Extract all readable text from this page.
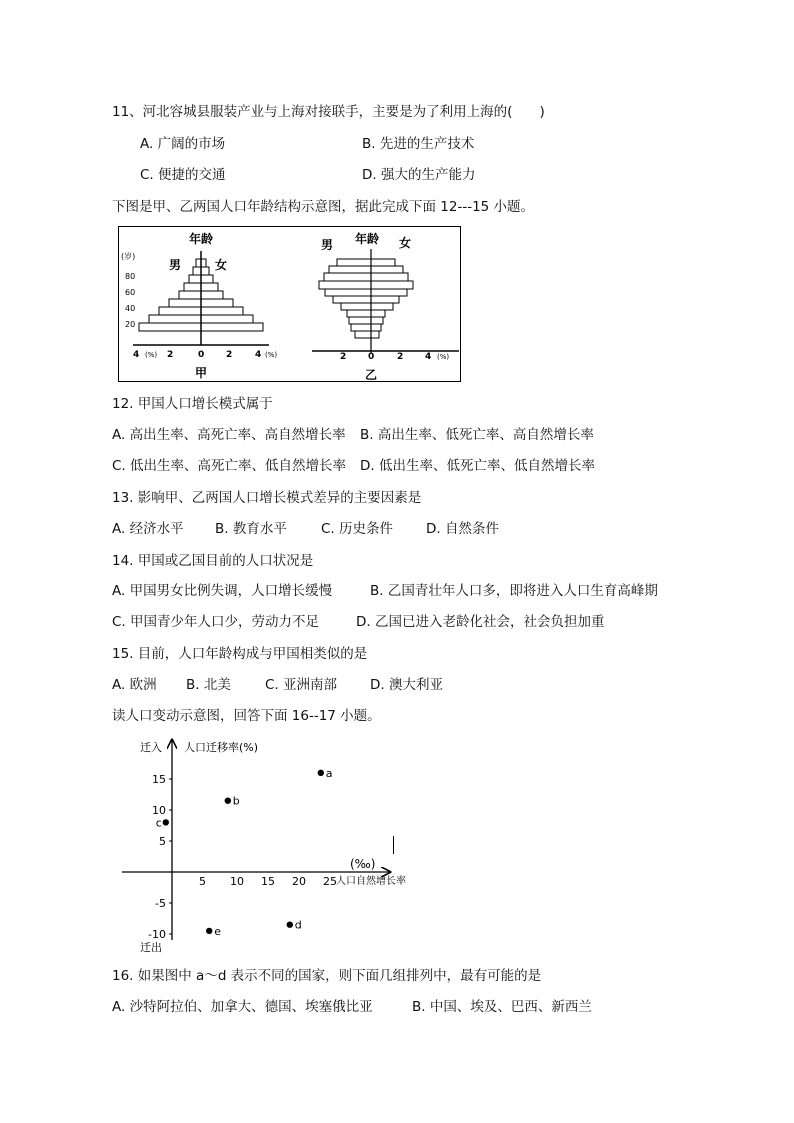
11、河北容城县服装产业与上海对接联手，主要是为了利用上海的(　　)
A. 广阔的市场	B. 先进的生产技术
C. 便捷的交通	D. 强大的生产能力
下图是甲、乙两国人口年龄结构示意图，据此完成下面 12---15 小题。
年龄
(岁)
男	女
80
60
40
20
4 (%) 2	0 2	4 (%)
甲
年龄
男	女
2 0	2 4 (%)
乙
12. 甲国人口增长模式属于
A. 高出生率、高死亡率、高自然增长率 B. 高出生率、低死亡率、高自然增长率
C. 低出生率、高死亡率、低自然增长率 D. 低出生率、低死亡率、低自然增长率
13. 影响甲、乙两国人口增长模式差异的主要因素是
A. 经济水平 B. 教育水平	C. 历史条件 D. 自然条件
14. 甲国或乙国目前的人口状况是
A. 甲国男女比例失调，人口增长缓慢	B. 乙国青壮年人口多，即将进入人口生育高峰期
C. 甲国青少年人口少，劳动力不足	D. 乙国已进入老龄化社会，社会负担加重
15. 目前，人口年龄构成与甲国相类似的是
A. 欧洲 B. 北美	C. 亚洲南部 D. 澳大利亚
读人口变动示意图，回答下面 16--17 小题。
5 10 15 20 25
15
10
5
-5
-10
a
b
c
d
e
迁入 人口迁移率(%)
迁出
(‰)
人口自然增长率
16. 如果图中 a～d 表示不同的国家，则下面几组排列中，最有可能的是
A. 沙特阿拉伯、加拿大、德国、埃塞俄比亚	B. 中国、埃及、巴西、新西兰
